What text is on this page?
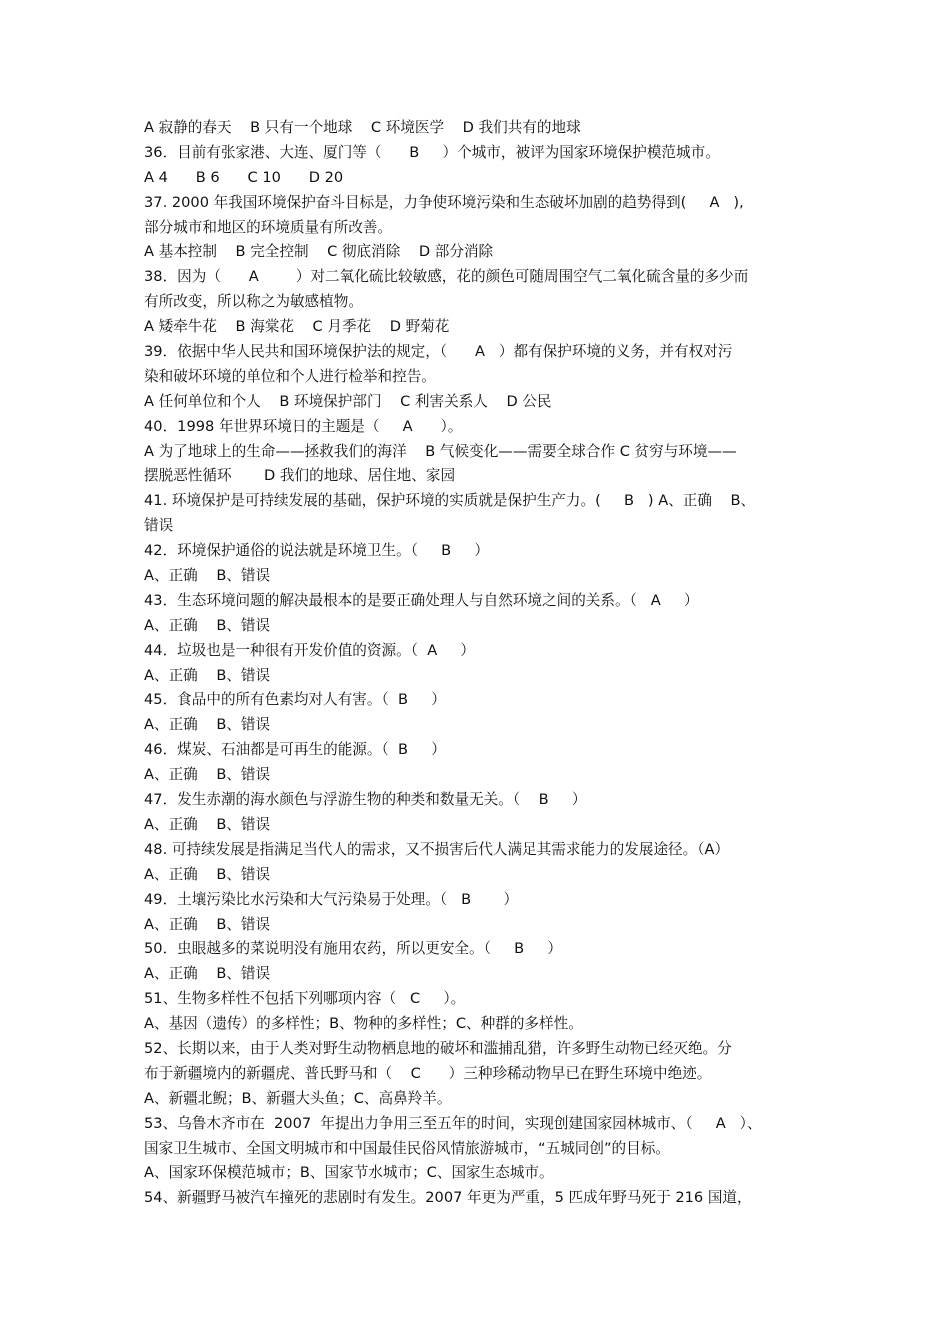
A 寂静的春天    B 只有一个地球    C 环境医学    D 我们共有的地球
36．目前有张家港、大连、厦门等（      B     ）个城市，被评为国家环境保护模范城市。
A 4      B 6      C 10      D 20
37. 2000 年我国环境保护奋斗目标是，力争使环境污染和生态破坏加剧的趋势得到(     A   ),
部分城市和地区的环境质量有所改善。
A 基本控制    B 完全控制    C 彻底消除    D 部分消除
38．因为（      A        ）对二氧化硫比较敏感，花的颜色可随周围空气二氧化硫含量的多少而
有所改变，所以称之为敏感植物。
A 矮牵牛花    B 海棠花    C 月季花    D 野菊花
39．依据中华人民共和国环境保护法的规定，（      A   ）都有保护环境的义务，并有权对污
染和破坏环境的单位和个人进行检举和控告。
A 任何单位和个人    B 环境保护部门    C 利害关系人    D 公民
40．1998 年世界环境日的主题是（     A      ）。
A 为了地球上的生命——拯救我们的海洋    B 气候变化——需要全球合作 C 贫穷与环境——
摆脱恶性循环       D 我们的地球、居住地、家园
41. 环境保护是可持续发展的基础，保护环境的实质就是保护生产力。(     B   ) A、正确    B、
错误
42．环境保护通俗的说法就是环境卫生。（     B     ）
A、正确    B、错误
43．生态环境问题的解决最根本的是要正确处理人与自然环境之间的关系。（   A     ）
A、正确    B、错误
44．垃圾也是一种很有开发价值的资源。（  A     ）
A、正确    B、错误
45．食品中的所有色素均对人有害。（  B     ）
A、正确    B、错误
46．煤炭、石油都是可再生的能源。（  B     ）
A、正确    B、错误
47．发生赤潮的海水颜色与浮游生物的种类和数量无关。（    B     ）
A、正确    B、错误
48. 可持续发展是指满足当代人的需求，又不损害后代人满足其需求能力的发展途径。（A）
A、正确    B、错误
49．土壤污染比水污染和大气污染易于处理。（   B       ）
A、正确    B、错误
50．虫眼越多的菜说明没有施用农药，所以更安全。（     B     ）
A、正确    B、错误
51、生物多样性不包括下列哪项内容（   C     ）。
A、基因（遗传）的多样性；B、物种的多样性；C、种群的多样性。
52、长期以来，由于人类对野生动物栖息地的破坏和滥捕乱猎，许多野生动物已经灭绝。分
布于新疆境内的新疆虎、普氏野马和（    C      ）三种珍稀动物早已在野生环境中绝迹。
A、新疆北鲵；B、新疆大头鱼；C、高鼻羚羊。
53、乌鲁木齐市在  2007  年提出力争用三至五年的时间，实现创建国家园林城市、（     A   ）、
国家卫生城市、全国文明城市和中国最佳民俗风情旅游城市，“五城同创”的目标。
A、国家环保模范城市；B、国家节水城市；C、国家生态城市。
54、新疆野马被汽车撞死的悲剧时有发生。2007 年更为严重，5 匹成年野马死于 216 国道，
